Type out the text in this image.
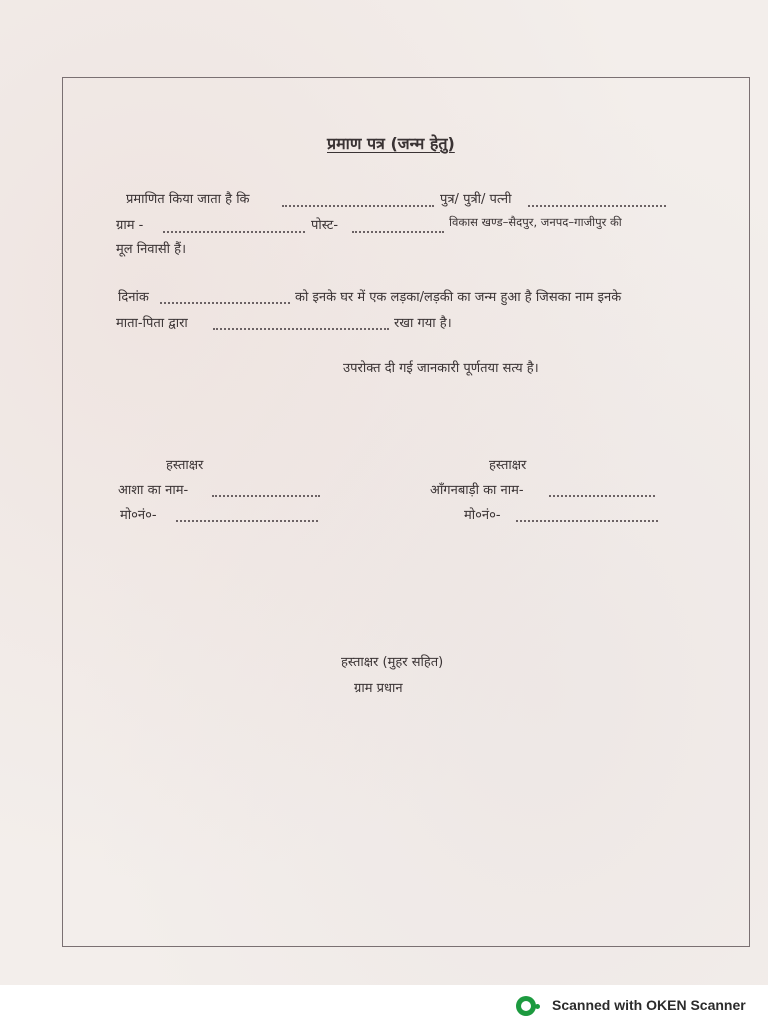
प्रमाण पत्र (जन्म हेतु)
प्रमाणित किया जाता है कि	पुत्र/ पुत्री/ पत्नी
ग्राम -	पोस्ट-	विकास खण्ड–सैदपुर, जनपद–गाजीपुर की
मूल निवासी हैं।
दिनांक	को इनके घर में एक लड़का/लड़की का जन्म हुआ है जिसका नाम इनके
माता-पिता द्वारा	रखा गया है।
उपरोक्त दी गई जानकारी पूर्णतया सत्य है।
हस्ताक्षर
आशा का नाम-
मो०नं०-
हस्ताक्षर
आँगनबाड़ी का नाम-
मो०नं०-
हस्ताक्षर (मुहर सहित)
ग्राम प्रधान
Scanned with OKEN Scanner
